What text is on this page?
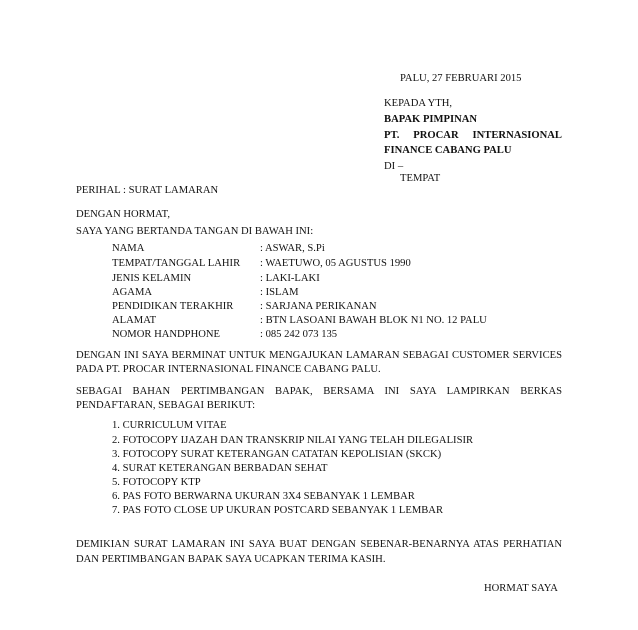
PALU, 27 FEBRUARI 2015
KEPADA YTH,
BAPAK PIMPINAN
PT. PROCAR INTERNASIONAL
FINANCE CABANG PALU
DI –
TEMPAT
PERIHAL : SURAT LAMARAN
DENGAN HORMAT,
SAYA YANG BERTANDA TANGAN DI BAWAH INI:
NAMA	: ASWAR, S.Pi
TEMPAT/TANGGAL LAHIR : WAETUWO, 05 AGUSTUS 1990
JENIS KELAMIN	: LAKI-LAKI
AGAMA	: ISLAM
PENDIDIKAN TERAKHIR	: SARJANA PERIKANAN
ALAMAT	: BTN LASOANI BAWAH BLOK N1 NO. 12 PALU
NOMOR HANDPHONE	: 085 242 073 135
DENGAN INI SAYA BERMINAT UNTUK MENGAJUKAN LAMARAN SEBAGAI CUSTOMER SERVICES
PADA PT. PROCAR INTERNASIONAL FINANCE CABANG PALU.
SEBAGAI BAHAN PERTIMBANGAN BAPAK, BERSAMA INI SAYA LAMPIRKAN BERKAS
PENDAFTARAN, SEBAGAI BERIKUT:
1. CURRICULUM VITAE
2. FOTOCOPY IJAZAH DAN TRANSKRIP NILAI YANG TELAH DILEGALISIR
3. FOTOCOPY SURAT KETERANGAN CATATAN KEPOLISIAN (SKCK)
4. SURAT KETERANGAN BERBADAN SEHAT
5. FOTOCOPY KTP
6. PAS FOTO BERWARNA UKURAN 3X4 SEBANYAK 1 LEMBAR
7. PAS FOTO CLOSE UP UKURAN POSTCARD SEBANYAK 1 LEMBAR
DEMIKIAN SURAT LAMARAN INI SAYA BUAT DENGAN SEBENAR-BENARNYA ATAS PERHATIAN
DAN PERTIMBANGAN BAPAK SAYA UCAPKAN TERIMA KASIH.
HORMAT SAYA
